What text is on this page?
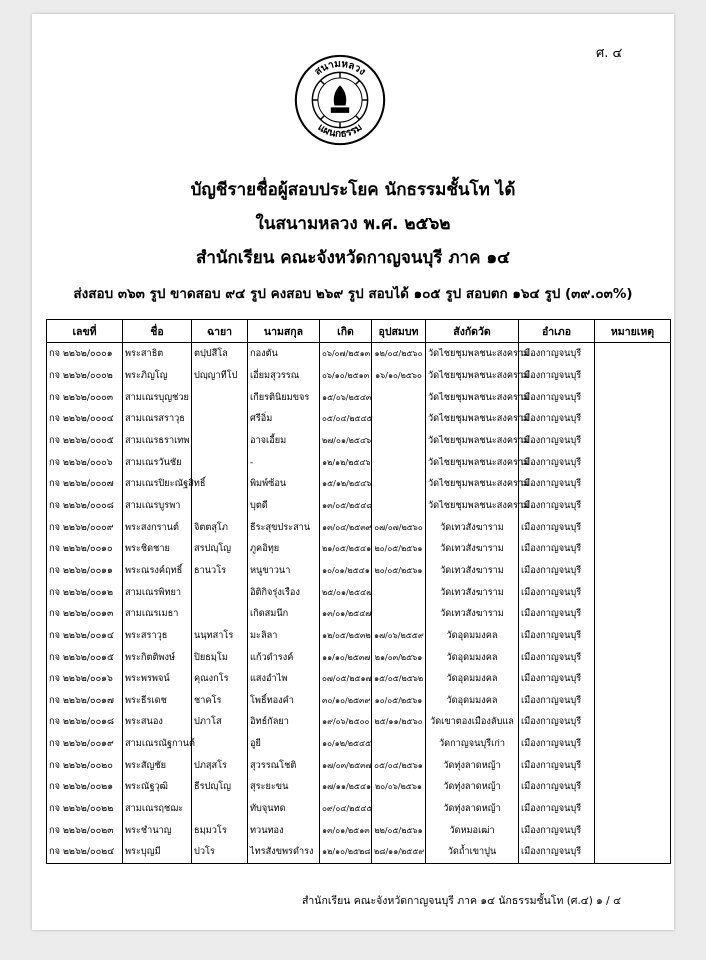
ศ. ๔
สนามหลวง
แผนกธรรม
บัญชีรายชื่อผู้สอบประโยค นักธรรมชั้นโท ได้
ในสนามหลวง พ.ศ. ๒๕๖๒
สำนักเรียน คณะจังหวัดกาญจนบุรี ภาค ๑๔
ส่งสอบ ๓๖๓ รูป ขาดสอบ ๙๔ รูป คงสอบ ๒๖๙ รูป สอบได้ ๑๐๕ รูป สอบตก ๑๖๔ รูป (๓๙.๐๓%)
เลขที่	ชื่อ	ฉายา	นามสกุล	เกิด	อุปสมบท	สังกัดวัด	อำเภอ	หมายเหตุ
กจ ๒๒๖๒/๐๐๐๑	พระสาธิต	ตปฺปสีโล	กองตัน	๐๖/๐๗/๒๕๑๓	๑๒/๐๔/๒๕๖๐	วัดไชยชุมพลชนะสงคราม	เมืองกาญจนบุรี	
กจ ๒๒๖๒/๐๐๐๒	พระภิญโญ	ปญฺญาทีโป	เอี่ยมสุวรรณ	๐๖/๑๐/๒๕๑๓	๑๖/๑๐/๒๕๖๐	วัดไชยชุมพลชนะสงคราม	เมืองกาญจนบุรี	
กจ ๒๒๖๒/๐๐๐๓	สามเณรบุญช่วย		เกียรตินิยมขจร	๑๕/๐๖/๒๕๔๓		วัดไชยชุมพลชนะสงคราม	เมืองกาญจนบุรี	
กจ ๒๒๖๒/๐๐๐๔	สามเณรสราวุธ		ศรีอิ่ม	๐๕/๐๔/๒๕๔๕		วัดไชยชุมพลชนะสงคราม	เมืองกาญจนบุรี	
กจ ๒๒๖๒/๐๐๐๕	สามเณรธราเทพ		อาจเอี้ยม	๒๗/๐๑/๒๕๔๖		วัดไชยชุมพลชนะสงคราม	เมืองกาญจนบุรี	
กจ ๒๒๖๒/๐๐๐๖	สามเณรวันชัย		-	๑๒/๑๒/๒๕๔๖		วัดไชยชุมพลชนะสงคราม	เมืองกาญจนบุรี	
กจ ๒๒๖๒/๐๐๐๗	สามเณรปิยะณัฐสิทธิ์		พิมพ์ซ้อน	๑๕/๑๒/๒๕๔๖		วัดไชยชุมพลชนะสงคราม	เมืองกาญจนบุรี	
กจ ๒๒๖๒/๐๐๐๘	สามเณรบูรพา		บุตดี	๑๓/๐๕/๒๕๔๘		วัดไชยชุมพลชนะสงคราม	เมืองกาญจนบุรี	
กจ ๒๒๖๒/๐๐๐๙	พระสงกรานต์	จิตตสุโภ	ธีระสุขประสาน	๑๓/๐๔/๒๕๓๙	๐๗/๐๗/๒๕๖๐	วัดเทวสังฆาราม	เมืองกาญจนบุรี	
กจ ๒๒๖๒/๐๐๑๐	พระชิดชาย	สรปญฺโญ	ภูคอิทุย	๒๑/๐๕/๒๕๔๑	๒๐/๐๕/๒๕๖๑	วัดเทวสังฆาราม	เมืองกาญจนบุรี	
กจ ๒๒๖๒/๐๐๑๑	พระณรงค์ฤทธิ์	ธานวโร	หนูขาวนา	๑๐/๐๑/๒๕๔๑	๒๐/๐๕/๒๕๖๑	วัดเทวสังฆาราม	เมืองกาญจนบุรี	
กจ ๒๒๖๒/๐๐๑๒	สามเณรพิทยา		อิติกิจรุ่งเรือง	๒๕/๐๑/๒๕๔๗		วัดเทวสังฆาราม	เมืองกาญจนบุรี	
กจ ๒๒๖๒/๐๐๑๓	สามเณรเมธา		เกิดสมนึก	๑๓/๐๑/๒๕๔๗		วัดเทวสังฆาราม	เมืองกาญจนบุรี	
กจ ๒๒๖๒/๐๐๑๔	พระสราวุธ	นนฺทสาโร	มะลิลา	๑๒/๐๕/๒๕๓๒	๑๗/๐๖/๒๕๕๙	วัดอุดมมงคล	เมืองกาญจนบุรี	
กจ ๒๒๖๒/๐๐๑๕	พระกิตติพงษ์	ปิยธมฺโม	แก้วดำรงค์	๑๑/๑๐/๒๕๓๗	๒๑/๐๓/๒๕๖๑	วัดอุดมมงคล	เมืองกาญจนบุรี	
กจ ๒๒๖๒/๐๐๑๖	พระพรพจน์	คุณงกโร	แสงอำไพ	๐๗/๐๕/๒๕๑๗	๑๕/๐๕/๒๕๖๒	วัดอุดมมงคล	เมืองกาญจนบุรี	
กจ ๒๒๖๒/๐๐๑๗	พระธีรเดช	ชาคโร	โพธิ์ทองคำ	๓๐/๑๐/๒๕๓๙	๑๐/๐๕/๒๕๖๑	วัดอุดมมงคล	เมืองกาญจนบุรี	
กจ ๒๒๖๒/๐๐๑๘	พระสนอง	ปภาโส	อิทธ์กัลยา	๑๙/๐๖/๒๕๐๐	๒๕/๑๑/๒๕๖๐	วัดเขาตองเมืองลับแล	เมืองกาญจนบุรี	
กจ ๒๒๖๒/๐๐๑๙	สามเณรณัฐกานต์		อูยี	๑๐/๑๒/๒๕๔๕		วัดกาญจนบุรีเก่า	เมืองกาญจนบุรี	
กจ ๒๒๖๒/๐๐๒๐	พระสัญชัย	ปภสฺสโร	สุวรรณโชติ	๑๗/๐๓/๒๕๓๗	๐๕/๐๔/๒๕๖๑	วัดทุ่งลาดหญ้า	เมืองกาญจนบุรี	
กจ ๒๒๖๒/๐๐๒๑	พระณัฐวุฒิ	ธีรปญฺโญ	สุระยะขน	๑๗/๑๑/๒๕๔๑	๒๐/๐๖/๒๕๖๑	วัดทุ่งลาดหญ้า	เมืองกาญจนบุรี	
กจ ๒๒๖๒/๐๐๒๒	สามเณรฤชฌะ		ทับจุนทด	๐๙/๐๔/๒๕๔๕		วัดทุ่งลาดหญ้า	เมืองกาญจนบุรี	
กจ ๒๒๖๒/๐๐๒๓	พระชำนาญ	ธมฺมวโร	ทวนทอง	๑๓/๐๑/๒๕๑๓	๒๒/๐๕/๒๕๖๑	วัดหมอเฒ่า	เมืองกาญจนบุรี	
กจ ๒๒๖๒/๐๐๒๔	พระบุญมี	ปวโร	ไทรสังขพรดำรง	๑๒/๑๐/๒๕๒๘	๒๘/๑๑/๒๕๕๙	วัดถ้ำเขาปูน	เมืองกาญจนบุรี	
สำนักเรียน คณะจังหวัดกาญจนบุรี ภาค ๑๔ นักธรรมชั้นโท (ศ.๔) ๑ / ๔
